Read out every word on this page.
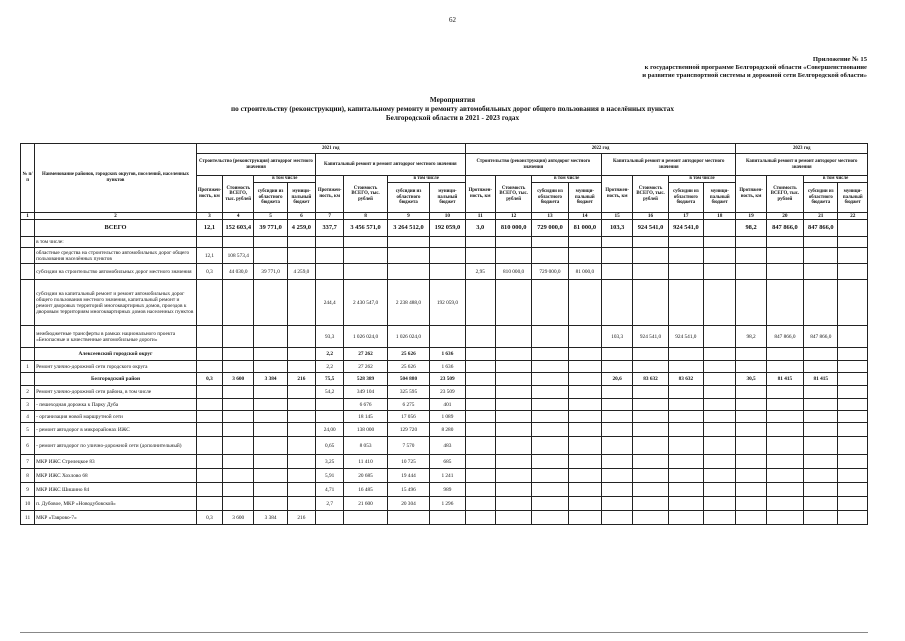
62
Приложение № 15
к государственной программе Белгородской области «Совершенствование
и развитие транспортной системы и дорожной сети Белгородской области»
Мероприятия
по строительству (реконструкции), капитальному ремонту и ремонту автомобильных дорог общего пользования в населённых пунктах
Белгородской области в 2021 - 2023 годах
№ п/п	Наименование районов, городских округов, поселений, населенных пунктов	2021 год								2022 год								2023 год			
		Строительство (реконструкция) автодорог местного значения				Капитальный ремонт и ремонт автодорог местного значения				Строительство (реконструкция) автодорог местного значения				Капитальный ремонт и ремонт автодорог местного значения				Капитальный ремонт и ремонт автодорог местного значения			
		Протяжен-ность, км	Стоимость ВСЕГО, тыс. рублей	в том числе		Протяжен-ность, км	Стоимость ВСЕГО, тыс. рублей	в том числе		Протяжен-ность, км	Стоимость ВСЕГО, тыс. рублей	в том числе		Протяжен-ность, км	Стоимость ВСЕГО, тыс. рублей	в том числе		Протяжен-ность, км	Стоимость ВСЕГО, тыс. рублей	в том числе	
				субсидии из областного бюджета	муници-пальный бюджет			субсидии из областного бюджета	муници-пальный бюджет			субсидии из областного бюджета	муници-пальный бюджет			субсидии из областного бюджета	муници-пальный бюджет			субсидии из областного бюджета	муници-пальный бюджет
1	2	3	4	5	6	7	8	9	10	11	12	13	14	15	16	17	18	19	20	21	22
	ВСЕГО	12,1	152 603,4	39 771,0	4 259,0	337,7	3 456 571,0	3 264 512,0	192 059,0	3,0	810 000,0	729 000,0	81 000,0	103,3	924 541,0	924 541,0		98,2	847 866,0	847 866,0	
	в том числе:																				
	областные средства на строительство автомобильных дорог общего пользования населённых пунктов	12,1	108 573,4																		
	субсидии на строительство автомобильных дорог местного значения	0,3	44 030,0	39 771,0	4 259,0					2,95	810 000,0	729 000,0	81 000,0								
	субсидии на капитальный ремонт и ремонт автомобильных дорог общего пользования местного значения, капитальный ремонт и ремонт дворовых территорий многоквартирных домов, проездов к дворовым территориям многоквартирных домов населенных пунктов					244,4	2 430 547,0	2 238 488,0	192 059,0												
	межбюджетные трансферты в рамках национального проекта «Безопасные и качественные автомобильные дороги»					93,3	1 026 024,0	1 026 024,0						103,3	924 541,0	924 541,0		98,2	847 866,0	847 866,0	
	Алексеевский городской округ					2,2	27 262	25 626	1 636												
1	Ремонт улично-дорожной сети городского округа					2,2	27 262	25 626	1 636												
	Белгородский район	0,3	3 600	3 384	216	75,5	528 389	504 880	23 509					20,6	83 632	83 632		30,5	81 415	81 415	
2	Ремонт улично-дорожной сети района, в том числе					54,2	349 104	325 595	23 509												
3	- пешеходная дорожка к Парку Дуба						6 676	6 275	401												
4	- организация новой маршрутной сети						18 145	17 056	1 089												
5	- ремонт автодорог в микрорайонах ИЖС					24,00	138 000	129 720	8 280												
6	- ремонт автодорог по улично-дорожной сети (дополнительный)					0,65	8 053	7 570	483												
7	МКР ИЖС Стрелецкое 83					3,25	11 410	10 725	685												
8	МКР ИЖС Хохлово 68					5,91	20 685	19 444	1 241												
9	МКР ИЖС Шишино 84					4,71	16 485	15 496	989												
10	п. Дубовое, МКР «Новодубовской»					2,7	21 600	20 304	1 296												
11	МКР «Таврово-7»	0,3	3 600	3 384	216																
